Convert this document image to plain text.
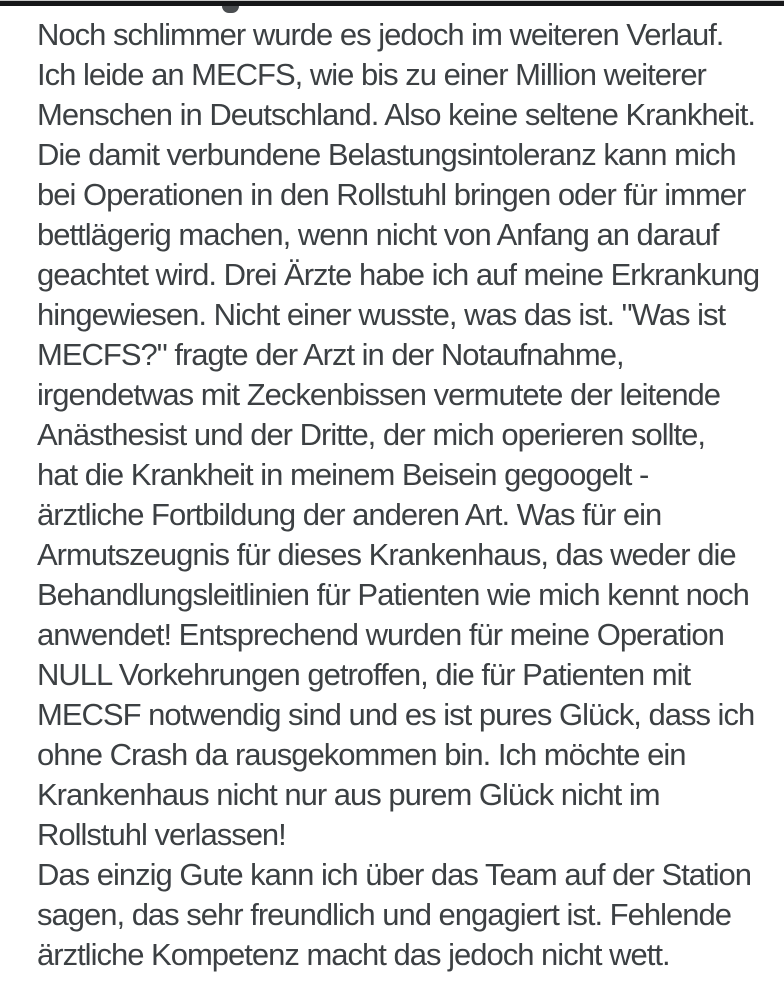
Noch schlimmer wurde es jedoch im weiteren Verlauf.
Ich leide an MECFS, wie bis zu einer Million weiterer
Menschen in Deutschland. Also keine seltene Krankheit.
Die damit verbundene Belastungsintoleranz kann mich
bei Operationen in den Rollstuhl bringen oder für immer
bettlägerig machen, wenn nicht von Anfang an darauf
geachtet wird. Drei Ärzte habe ich auf meine Erkrankung
hingewiesen. Nicht einer wusste, was das ist. "Was ist
MECFS?" fragte der Arzt in der Notaufnahme,
irgendetwas mit Zeckenbissen vermutete der leitende
Anästhesist und der Dritte, der mich operieren sollte,
hat die Krankheit in meinem Beisein gegoogelt -
ärztliche Fortbildung der anderen Art. Was für ein
Armutszeugnis für dieses Krankenhaus, das weder die
Behandlungsleitlinien für Patienten wie mich kennt noch
anwendet! Entsprechend wurden für meine Operation
NULL Vorkehrungen getroffen, die für Patienten mit
MECSF notwendig sind und es ist pures Glück, dass ich
ohne Crash da rausgekommen bin. Ich möchte ein
Krankenhaus nicht nur aus purem Glück nicht im
Rollstuhl verlassen!
Das einzig Gute kann ich über das Team auf der Station
sagen, das sehr freundlich und engagiert ist. Fehlende
ärztliche Kompetenz macht das jedoch nicht wett.
